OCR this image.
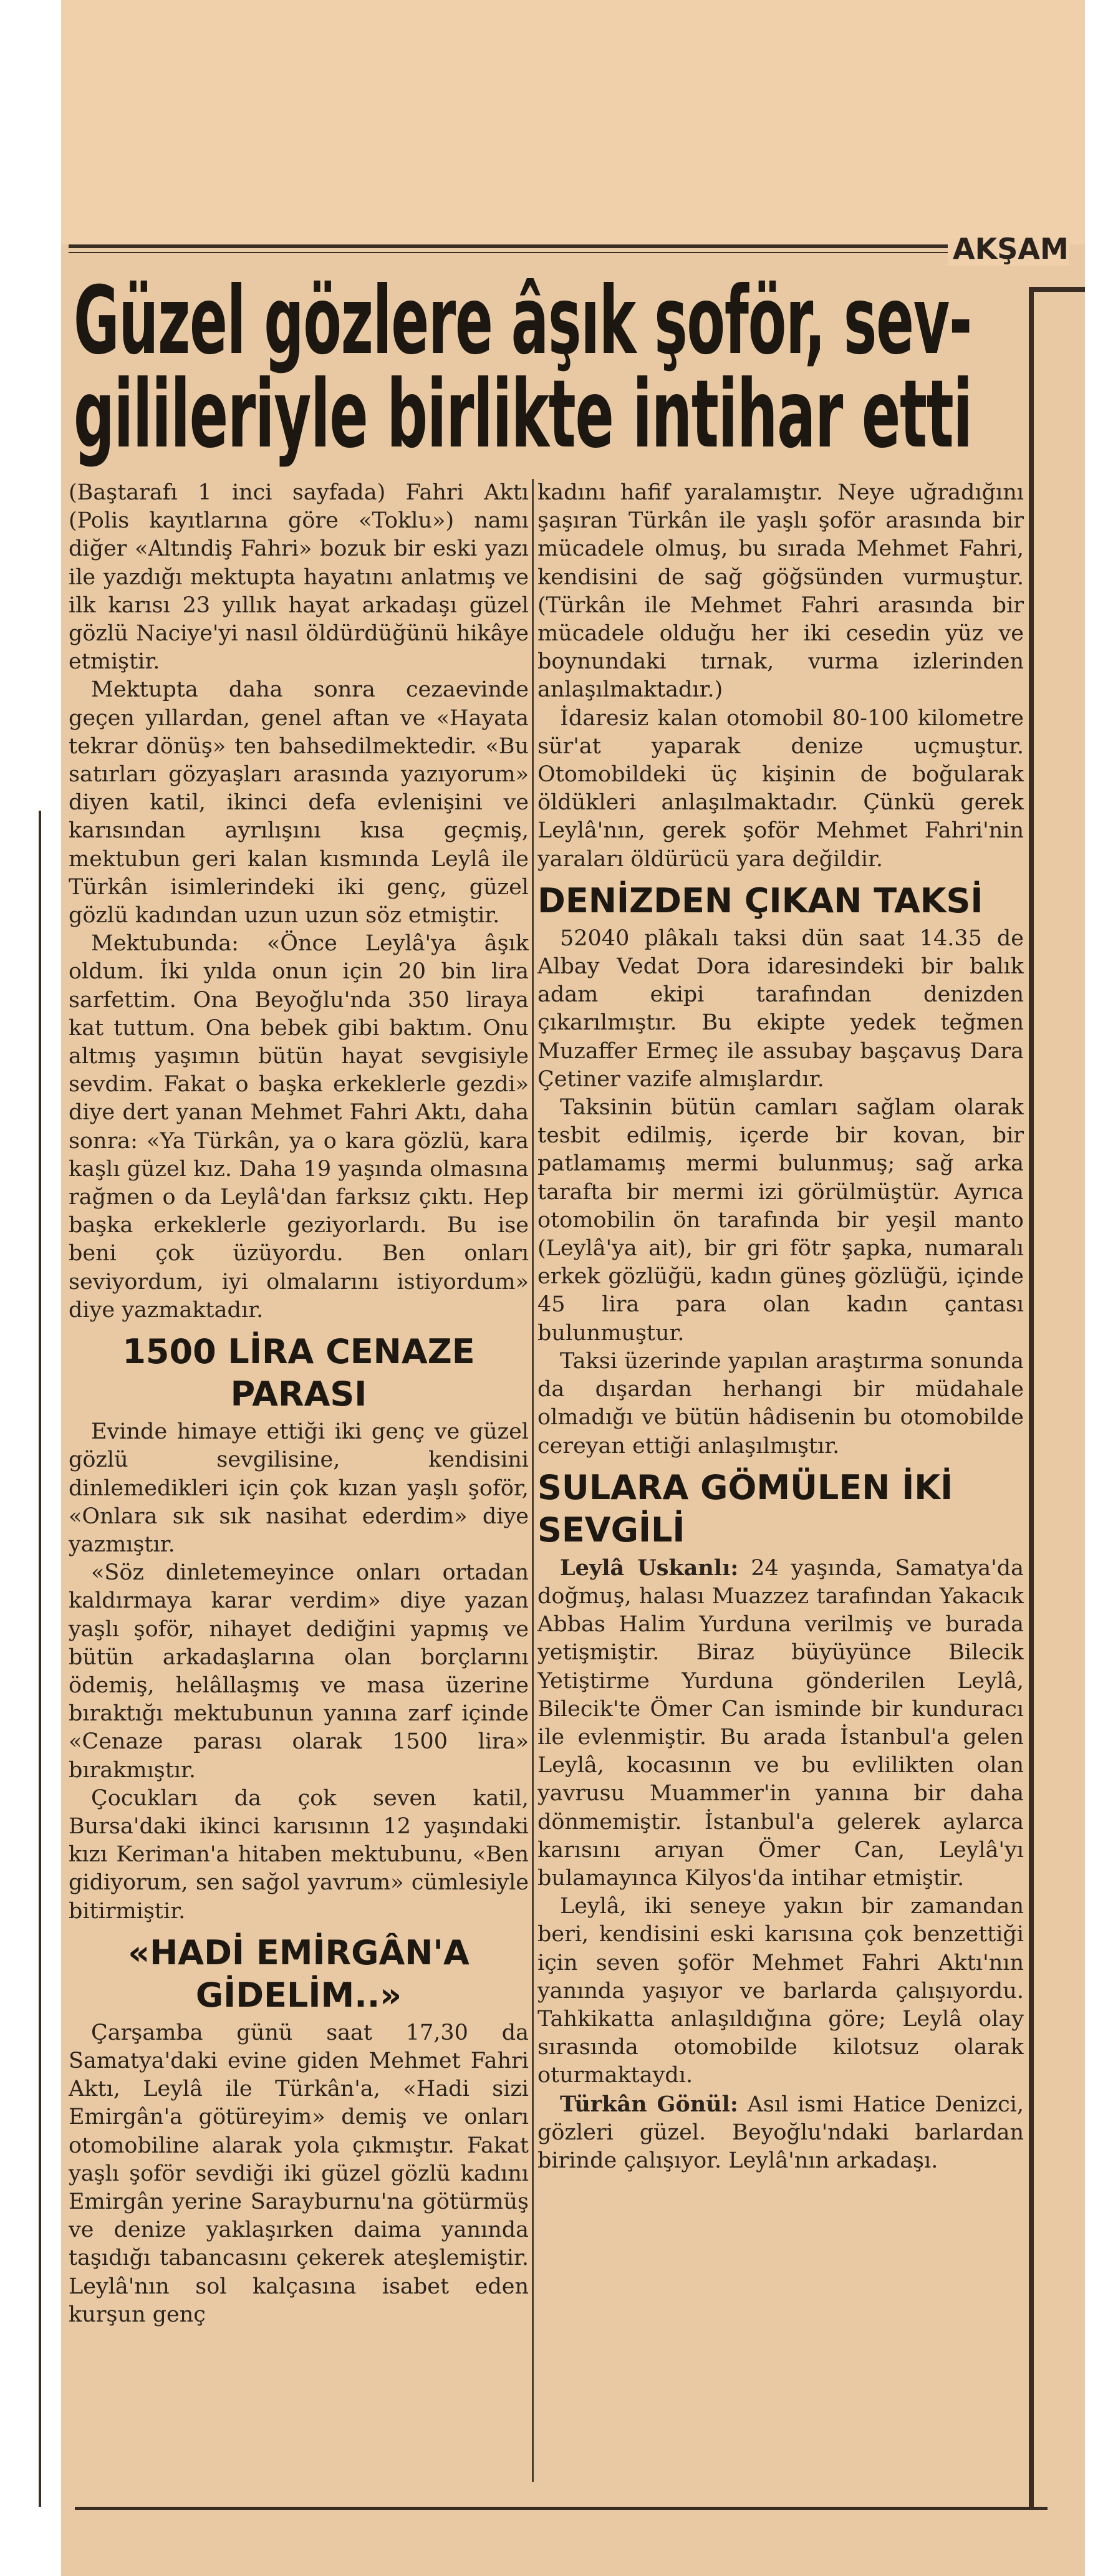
AKŞAM
Güzel gözlere âşık şoför, sev-
gilileriyle birlikte intihar etti

(Baştarafı 1 inci sayfada) Fahri Aktı (Polis kayıtlarına göre «Toklu») namı diğer «Altındiş Fahri» bozuk bir eski yazı ile yazdığı mektupta hayatını anlatmış ve ilk karısı 23 yıllık hayat arkadaşı güzel gözlü Naciye'yi nasıl öldürdüğünü hikâye etmiştir.

Mektupta daha sonra cezaevinde geçen yıllardan, genel aftan ve «Hayata tekrar dönüş» ten bahsedilmektedir. «Bu satırları gözyaşları arasında yazıyorum» diyen katil, ikinci defa evlenişini ve karısından ayrılışını kısa geçmiş, mektubun geri kalan kısmında Leylâ ile Türkân isimlerindeki iki genç, güzel gözlü kadından uzun uzun söz etmiştir.

Mektubunda: «Önce Leylâ'ya âşık oldum. İki yılda onun için 20 bin lira sarfettim. Ona Beyoğlu'nda 350 liraya kat tuttum. Ona bebek gibi baktım. Onu altmış yaşımın bütün hayat sevgisiyle sevdim. Fakat o başka erkeklerle gezdi» diye dert yanan Mehmet Fahri Aktı, daha sonra: «Ya Türkân, ya o kara gözlü, kara kaşlı güzel kız. Daha 19 yaşında olmasına rağmen o da Leylâ'dan farksız çıktı. Hep başka erkeklerle geziyorlardı. Bu ise beni çok üzüyordu. Ben onları seviyordum, iyi olmalarını istiyordum» diye yazmaktadır.

1500 LİRA CENAZE PARASI

Evinde himaye ettiği iki genç ve güzel gözlü sevgilisine, kendisini dinlemedikleri için çok kızan yaşlı şoför, «Onlara sık sık nasihat ederdim» diye yazmıştır.

«Söz dinletemeyince onları ortadan kaldırmaya karar verdim» diye yazan yaşlı şoför, nihayet dediğini yapmış ve bütün arkadaşlarına olan borçlarını ödemiş, helâllaşmış ve masa üzerine bıraktığı mektubunun yanına zarf içinde «Cenaze parası olarak 1500 lira» bırakmıştır.

Çocukları da çok seven katil, Bursa'daki ikinci karısının 12 yaşındaki kızı Keriman'a hitaben mektubunu, «Ben gidiyorum, sen sağol yavrum» cümlesiyle bitirmiştir.

«HADİ EMİRGÂN'A GİDELİM..»

Çarşamba günü saat 17,30 da Samatya'daki evine giden Mehmet Fahri Aktı, Leylâ ile Türkân'a, «Hadi sizi Emirgân'a götüreyim» demiş ve onları otomobiline alarak yola çıkmıştır. Fakat yaşlı şoför sevdiği iki güzel gözlü kadını Emirgân yerine Sarayburnu'na götürmüş ve denize yaklaşırken daima yanında taşıdığı tabancasını çekerek ateşlemiştir. Leylâ'nın sol kalçasına isabet eden kurşun genç

kadını hafif yaralamıştır. Neye uğradığını şaşıran Türkân ile yaşlı şoför arasında bir mücadele olmuş, bu sırada Mehmet Fahri, kendisini de sağ göğsünden vurmuştur. (Türkân ile Mehmet Fahri arasında bir mücadele olduğu her iki cesedin yüz ve boynundaki tırnak, vurma izlerinden anlaşılmaktadır.)

İdaresiz kalan otomobil 80-100 kilometre sür'at yaparak denize uçmuştur. Otomobildeki üç kişinin de boğularak öldükleri anlaşılmaktadır. Çünkü gerek Leylâ'nın, gerek şoför Mehmet Fahri'nin yaraları öldürücü yara değildir.

DENİZDEN ÇIKAN TAKSİ

52040 plâkalı taksi dün saat 14.35 de Albay Vedat Dora idaresindeki bir balık adam ekipi tarafından denizden çıkarılmıştır. Bu ekipte yedek teğmen Muzaffer Ermeç ile assubay başçavuş Dara Çetiner vazife almışlardır.

Taksinin bütün camları sağlam olarak tesbit edilmiş, içerde bir kovan, bir patlamamış mermi bulunmuş; sağ arka tarafta bir mermi izi görülmüştür. Ayrıca otomobilin ön tarafında bir yeşil manto (Leylâ'ya ait), bir gri fötr şapka, numaralı erkek gözlüğü, kadın güneş gözlüğü, içinde 45 lira para olan kadın çantası bulunmuştur.

Taksi üzerinde yapılan araştırma sonunda da dışardan herhangi bir müdahale olmadığı ve bütün hâdisenin bu otomobilde cereyan ettiği anlaşılmıştır.

SULARA GÖMÜLEN İKİ SEVGİLİ

Leylâ Uskanlı: 24 yaşında, Samatya'da doğmuş, halası Muazzez tarafından Yakacık Abbas Halim Yurduna verilmiş ve burada yetişmiştir. Biraz büyüyünce Bilecik Yetiştirme Yurduna gönderilen Leylâ, Bilecik'te Ömer Can isminde bir kunduracı ile evlenmiştir. Bu arada İstanbul'a gelen Leylâ, kocasının ve bu evlilikten olan yavrusu Muammer'in yanına bir daha dönmemiştir. İstanbul'a gelerek aylarca karısını arıyan Ömer Can, Leylâ'yı bulamayınca Kilyos'da intihar etmiştir.

Leylâ, iki seneye yakın bir zamandan beri, kendisini eski karısına çok benzettiği için seven şoför Mehmet Fahri Aktı'nın yanında yaşıyor ve barlarda çalışıyordu. Tahkikatta anlaşıldığına göre; Leylâ olay sırasında otomobilde kilotsuz olarak oturmaktaydı.

Türkân Gönül: Asıl ismi Hatice Denizci, gözleri güzel. Beyoğlu'ndaki barlardan birinde çalışıyor. Leylâ'nın arkadaşı.
